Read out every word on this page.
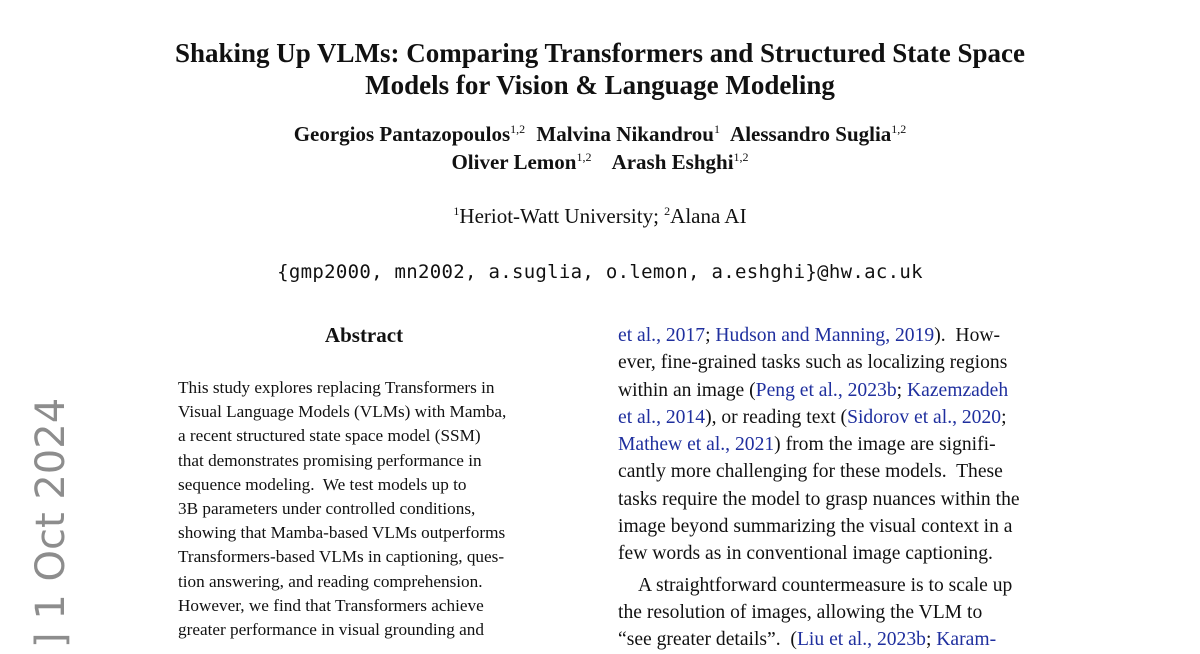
Shaking Up VLMs: Comparing Transformers and Structured State Space
Models for Vision & Language Modeling
Georgios Pantazopoulos$^{1,2}$ Malvina Nikandrou$^1$ Alessandro Suglia$^{1,2}$
Oliver Lemon$^{1,2}$ Arash Eshghi$^{1,2}$
$^1$Heriot-Watt University; $^2$Alana AI
{gmp2000, mn2002, a.suglia, o.lemon, a.eshghi}@hw.ac.uk
] 1 Oct 2024
Abstract
This study explores replacing Transformers in
Visual Language Models (VLMs) with Mamba,
a recent structured state space model (SSM)
that demonstrates promising performance in
sequence modeling.  We test models up to
3B parameters under controlled conditions,
showing that Mamba-based VLMs outperforms
Transformers-based VLMs in captioning, ques-
tion answering, and reading comprehension.
However, we find that Transformers achieve
greater performance in visual grounding and
et al., 2017; Hudson and Manning, 2019).  How-
ever, fine-grained tasks such as localizing regions
within an image (Peng et al., 2023b; Kazemzadeh
et al., 2014), or reading text (Sidorov et al., 2020;
Mathew et al., 2021) from the image are signifi-
cantly more challenging for these models.  These
tasks require the model to grasp nuances within the
image beyond summarizing the visual context in a
few words as in conventional image captioning.
A straightforward countermeasure is to scale up
the resolution of images, allowing the VLM to
“see greater details”.  (Liu et al., 2023b; Karam-
